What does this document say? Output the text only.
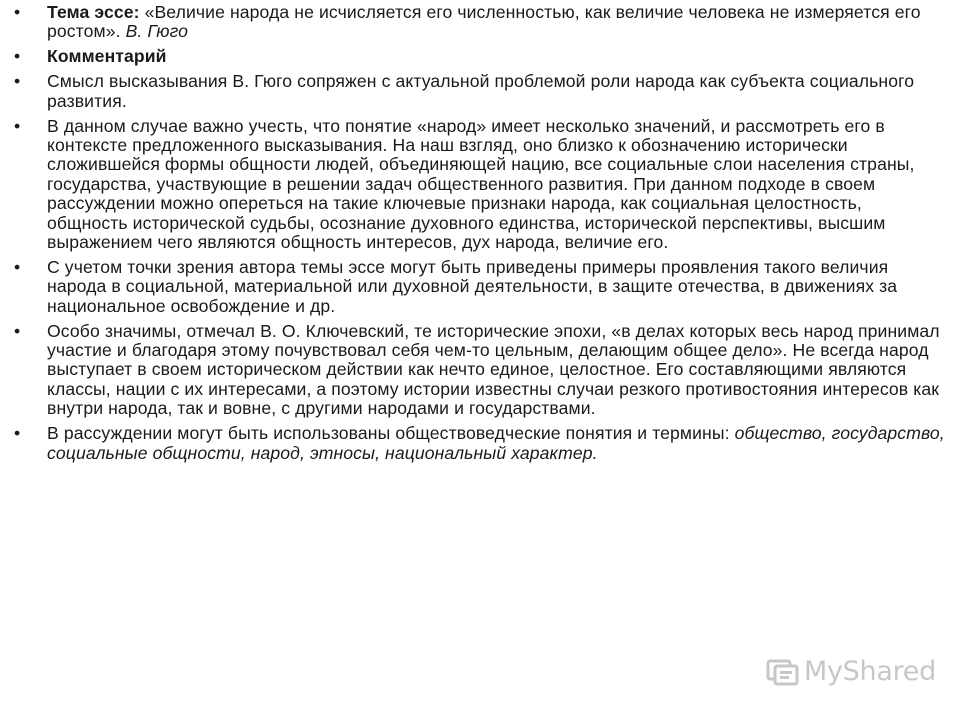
• Тема эссе: «Величие народа не исчисляется его численностью, как величие человека не измеряется его ростом». В. Гюго
• Комментарий
• Смысл высказывания В. Гюго сопряжен с актуальной проблемой роли народа как субъекта социального развития.
• В данном случае важно учесть, что понятие «народ» имеет несколько значений, и рассмотреть его в контексте предложенного высказывания. На наш взгляд, оно близко к обозначению исторически сложившейся формы общности людей, объединяющей нацию, все социальные слои населения страны, государства, участвующие в решении задач общественного развития. При данном подходе в своем рассуждении можно опереться на такие ключевые признаки народа, как социальная целостность, общность исторической судьбы, осознание духовного единства, исторической перспективы, высшим выражением чего являются общность интересов, дух народа, величие его.
• С учетом точки зрения автора темы эссе могут быть приведены примеры проявления такого величия народа в социальной, материальной или духовной деятельности, в защите отечества, в движениях за национальное освобождение и др.
• Особо значимы, отмечал В. О. Ключевский, те исторические эпохи, «в делах которых весь народ принимал участие и благодаря этому почувствовал себя чем-то цельным, делающим общее дело». Не всегда народ выступает в своем историческом действии как нечто единое, целостное. Его составляющими являются классы, нации с их интересами, а поэтому истории известны случаи резкого противостояния интересов как внутри народа, так и вовне, с другими народами и государствами.
• В рассуждении могут быть использованы обществоведческие понятия и термины: общество, государство, социальные общности, народ, этносы, национальный характер.
MyShared
